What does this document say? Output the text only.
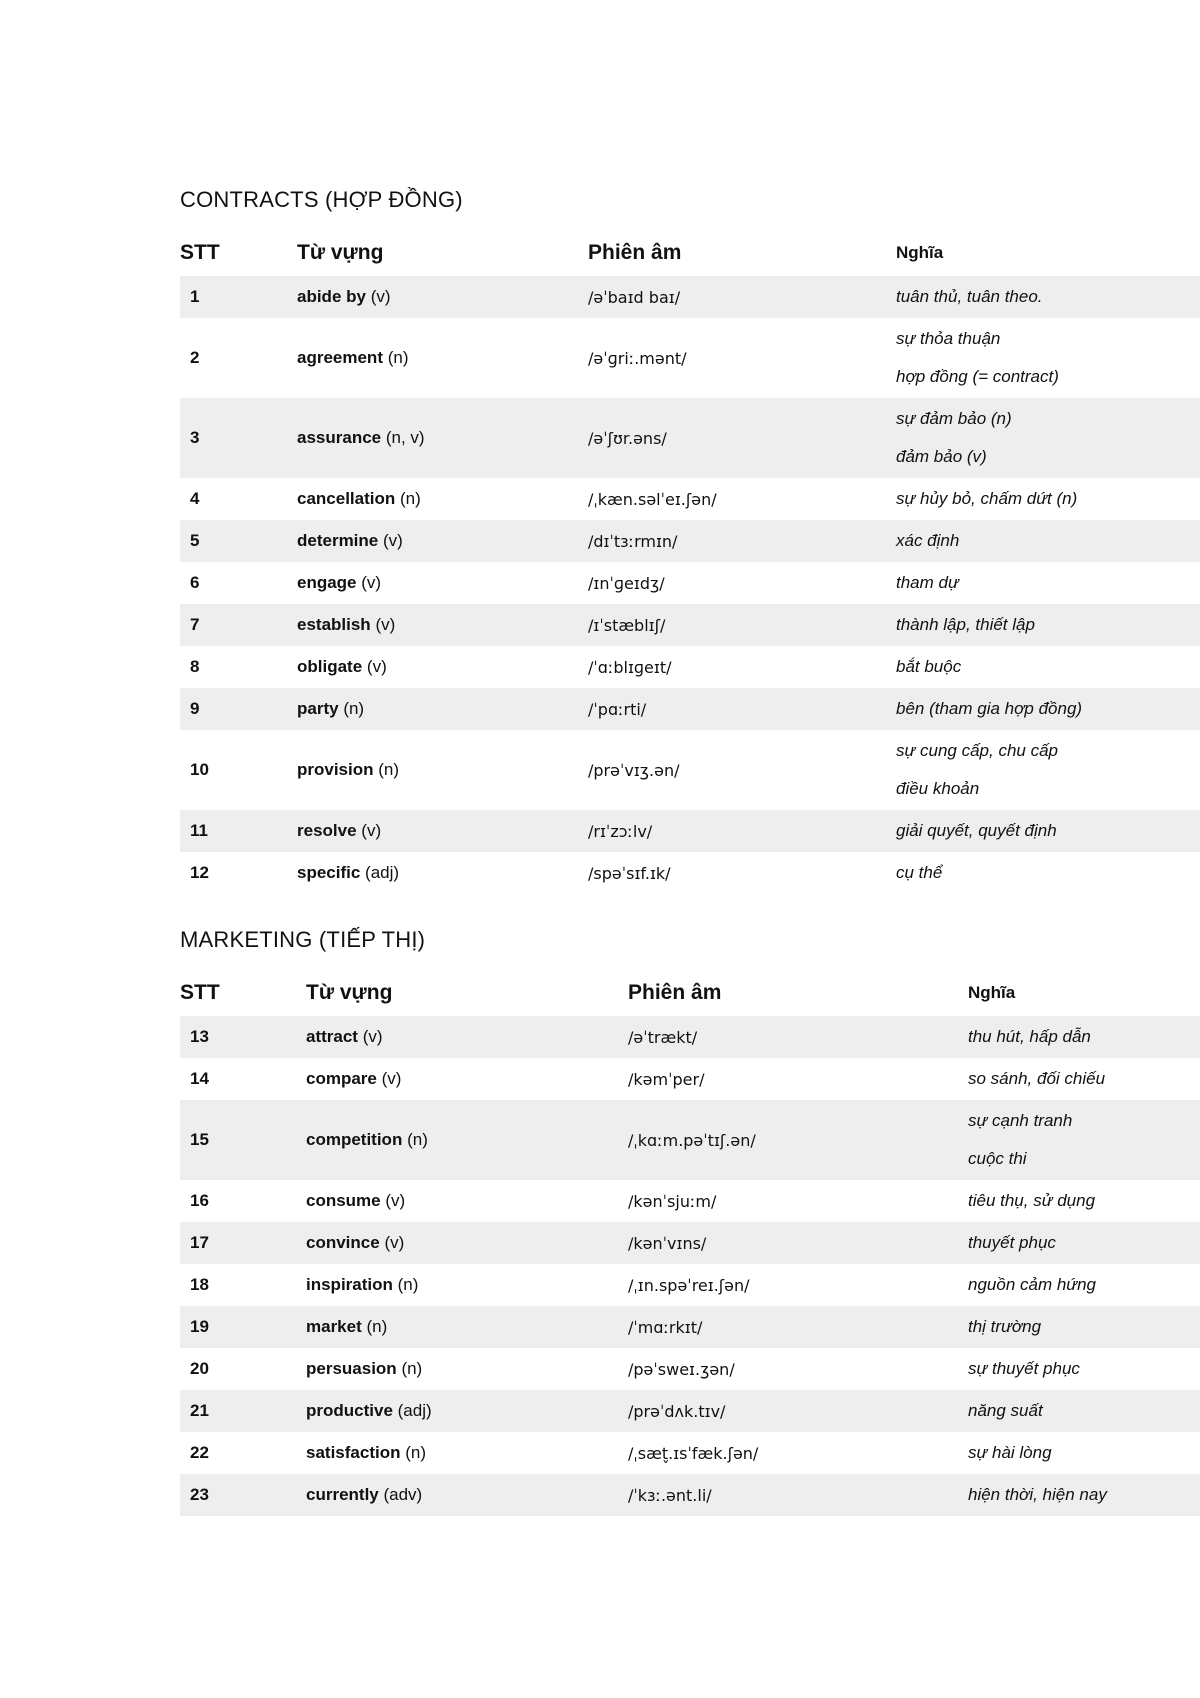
CONTRACTS (HỢP ĐỒNG)
STT	Từ vựng	Phiên âm	Nghĩa
1	abide by (v)	/əˈbaɪd baɪ/	tuân thủ, tuân theo.
2	agreement (n)	/əˈɡriː.mənt/
sự thỏa thuận
hợp đồng (= contract)
3	assurance (n, v)	/əˈʃʊr.əns/
sự đảm bảo (n)
đảm bảo (v)
4	cancellation (n)	/ˌkæn.səlˈeɪ.ʃən/	sự hủy bỏ, chấm dứt (n)
5	determine (v)	/dɪˈtɜːrmɪn/	xác định
6	engage (v)	/ɪnˈɡeɪdʒ/	tham dự
7	establish (v)	/ɪˈstæblɪʃ/	thành lập, thiết lập
8	obligate (v)	/ˈɑːblɪɡeɪt/	bắt buộc
9	party (n)	/ˈpɑːrti/	bên (tham gia hợp đồng)
10	provision (n)	/prəˈvɪʒ.ən/
sự cung cấp, chu cấp
điều khoản
11	resolve (v)	/rɪˈzɔːlv/	giải quyết, quyết định
12	specific (adj)	/spəˈsɪf.ɪk/	cụ thể
MARKETING (TIẾP THỊ)
STT	Từ vựng	Phiên âm	Nghĩa
13	attract (v)	/əˈtrækt/	thu hút, hấp dẫn
14	compare (v)	/kəmˈper/	so sánh, đối chiếu
15	competition (n)	/ˌkɑːm.pəˈtɪʃ.ən/
sự cạnh tranh
cuộc thi
16	consume (v)	/kənˈsjuːm/	tiêu thụ, sử dụng
17	convince (v)	/kənˈvɪns/	thuyết phục
18	inspiration (n)	/ˌɪn.spəˈreɪ.ʃən/	nguồn cảm hứng
19	market (n)	/ˈmɑːrkɪt/	thị trường
20	persuasion (n)	/pəˈsweɪ.ʒən/	sự thuyết phục
21	productive (adj)	/prəˈdʌk.tɪv/	năng suất
22	satisfaction (n)	/ˌsæt̬.ɪsˈfæk.ʃən/	sự hài lòng
23	currently (adv)	/ˈkɜː.ənt.li/	hiện thời, hiện nay
